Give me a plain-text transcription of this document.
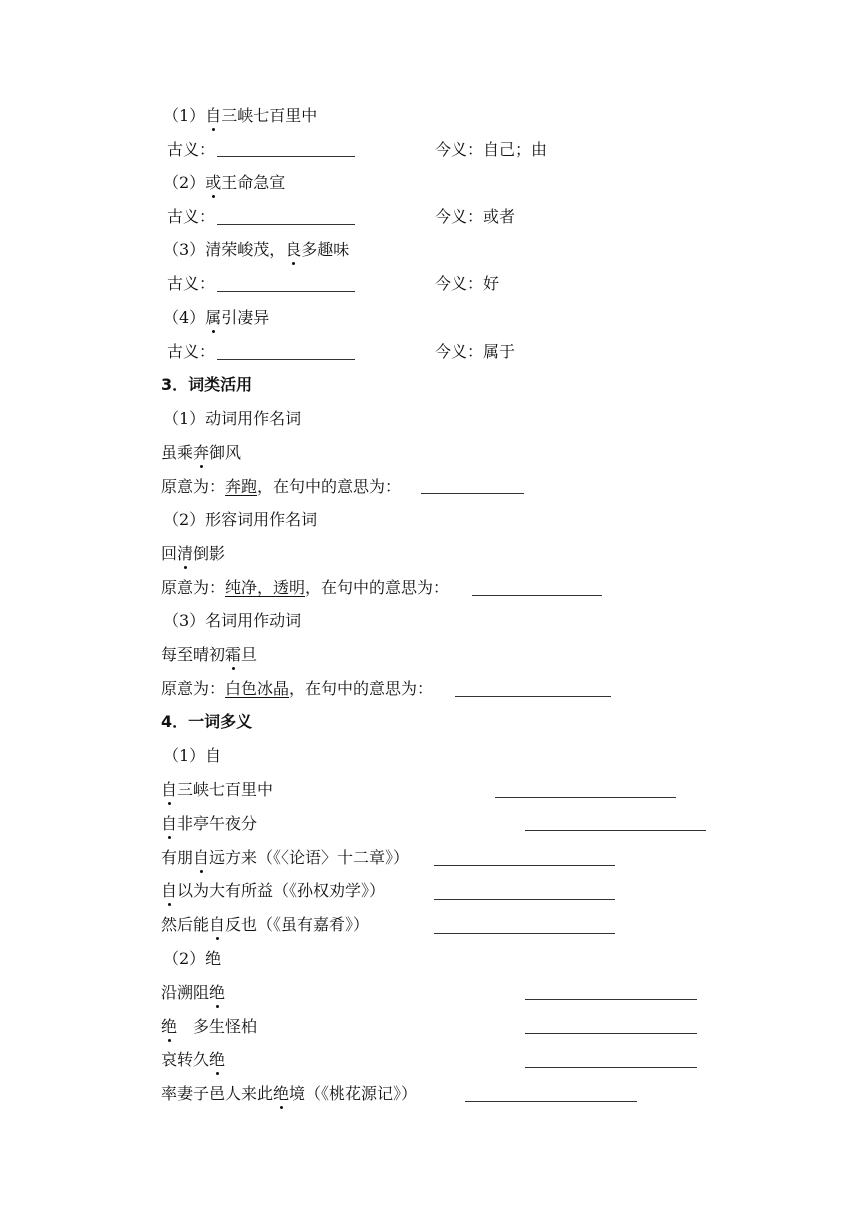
（1）自三峡七百里中
古义：	今义：自己；由
（2）或王命急宣
古义：	今义：或者
（3）清荣峻茂，良多趣味
古义：	今义：好
（4）属引凄异
古义：	今义：属于
3．词类活用
（1）动词用作名词
虽乘奔御风
原意为：奔跑，在句中的意思为：
（2）形容词用作名词
回清倒影
原意为：纯净，透明，在句中的意思为：
（3）名词用作动词
每至晴初霜旦
原意为：白色冰晶，在句中的意思为：
4．一词多义
（1）自
自三峡七百里中
自非亭午夜分
有朋自远方来（《〈论语〉十二章》）
自以为大有所益（《孙权劝学》）
然后能自反也（《虽有嘉肴》）
（2）绝
沿溯阻绝
绝　多生怪柏
哀转久绝
率妻子邑人来此绝境（《桃花源记》）
